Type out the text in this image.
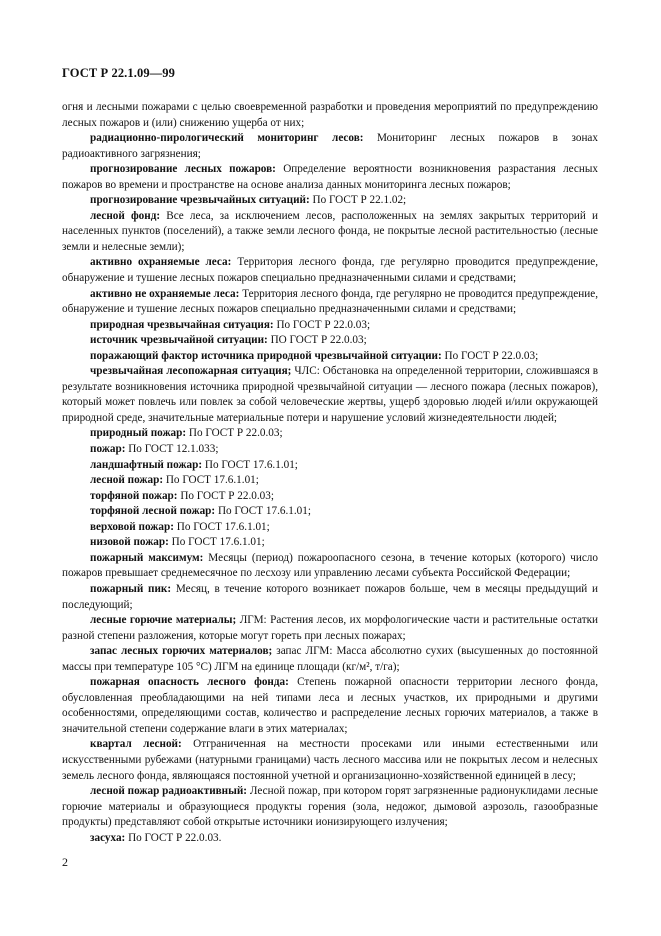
ГОСТ Р 22.1.09—99

огня и лесными пожарами с целью своевременной разработки и проведения мероприятий по предупреждению лесных пожаров и (или) снижению ущерба от них;

радиационно-пирологический мониторинг лесов: Мониторинг лесных пожаров в зонах радиоактивного загрязнения;

прогнозирование лесных пожаров: Определение вероятности возникновения разрастания лесных пожаров во времени и пространстве на основе анализа данных мониторинга лесных пожаров;

прогнозирование чрезвычайных ситуаций: По ГОСТ Р 22.1.02;

лесной фонд: Все леса, за исключением лесов, расположенных на землях закрытых территорий и населенных пунктов (поселений), а также земли лесного фонда, не покрытые лесной растительностью (лесные земли и нелесные земли);

активно охраняемые леса: Территория лесного фонда, где регулярно проводится предупреждение, обнаружение и тушение лесных пожаров специально предназначенными силами и средствами;

активно не охраняемые леса: Территория лесного фонда, где регулярно не проводится предупреждение, обнаружение и тушение лесных пожаров специально предназначенными силами и средствами;

природная чрезвычайная ситуация: По ГОСТ Р 22.0.03;

источник чрезвычайной ситуации: ПО ГОСТ Р 22.0.03;

поражающий фактор источника природной чрезвычайной ситуации: По ГОСТ Р 22.0.03;

чрезвычайная лесопожарная ситуация; ЧЛС: Обстановка на определенной территории, сложившаяся в результате возникновения источника природной чрезвычайной ситуации — лесного пожара (лесных пожаров), который может повлечь или повлек за собой человеческие жертвы, ущерб здоровью людей и/или окружающей природной среде, значительные материальные потери и нарушение условий жизнедеятельности людей;

природный пожар: По ГОСТ Р 22.0.03;

пожар: По ГОСТ 12.1.033;

ландшафтный пожар: По ГОСТ 17.6.1.01;

лесной пожар: По ГОСТ 17.6.1.01;

торфяной пожар: По ГОСТ Р 22.0.03;

торфяной лесной пожар: По ГОСТ 17.6.1.01;

верховой пожар: По ГОСТ 17.6.1.01;

низовой пожар: По ГОСТ 17.6.1.01;

пожарный максимум: Месяцы (период) пожароопасного сезона, в течение которых (которого) число пожаров превышает среднемесячное по лесхозу или управлению лесами субъекта Российской Федерации;

пожарный пик: Месяц, в течение которого возникает пожаров больше, чем в месяцы предыдущий и последующий;

лесные горючие материалы; ЛГМ: Растения лесов, их морфологические части и растительные остатки разной степени разложения, которые могут гореть при лесных пожарах;

запас лесных горючих материалов; запас ЛГМ: Масса абсолютно сухих (высушенных до постоянной массы при температуре 105 °С) ЛГМ на единице площади (кг/м², т/га);

пожарная опасность лесного фонда: Степень пожарной опасности территории лесного фонда, обусловленная преобладающими на ней типами леса и лесных участков, их природными и другими особенностями, определяющими состав, количество и распределение лесных горючих материалов, а также в значительной степени содержание влаги в этих материалах;

квартал лесной: Отграниченная на местности просеками или иными естественными или искусственными рубежами (натурными границами) часть лесного массива или не покрытых лесом и нелесных земель лесного фонда, являющаяся постоянной учетной и организационно-хозяйственной единицей в лесу;

лесной пожар радиоактивный: Лесной пожар, при котором горят загрязненные радионуклидами лесные горючие материалы и образующиеся продукты горения (зола, недожог, дымовой аэрозоль, газообразные продукты) представляют собой открытые источники ионизирующего излучения;

засуха: По ГОСТ Р 22.0.03.

2
